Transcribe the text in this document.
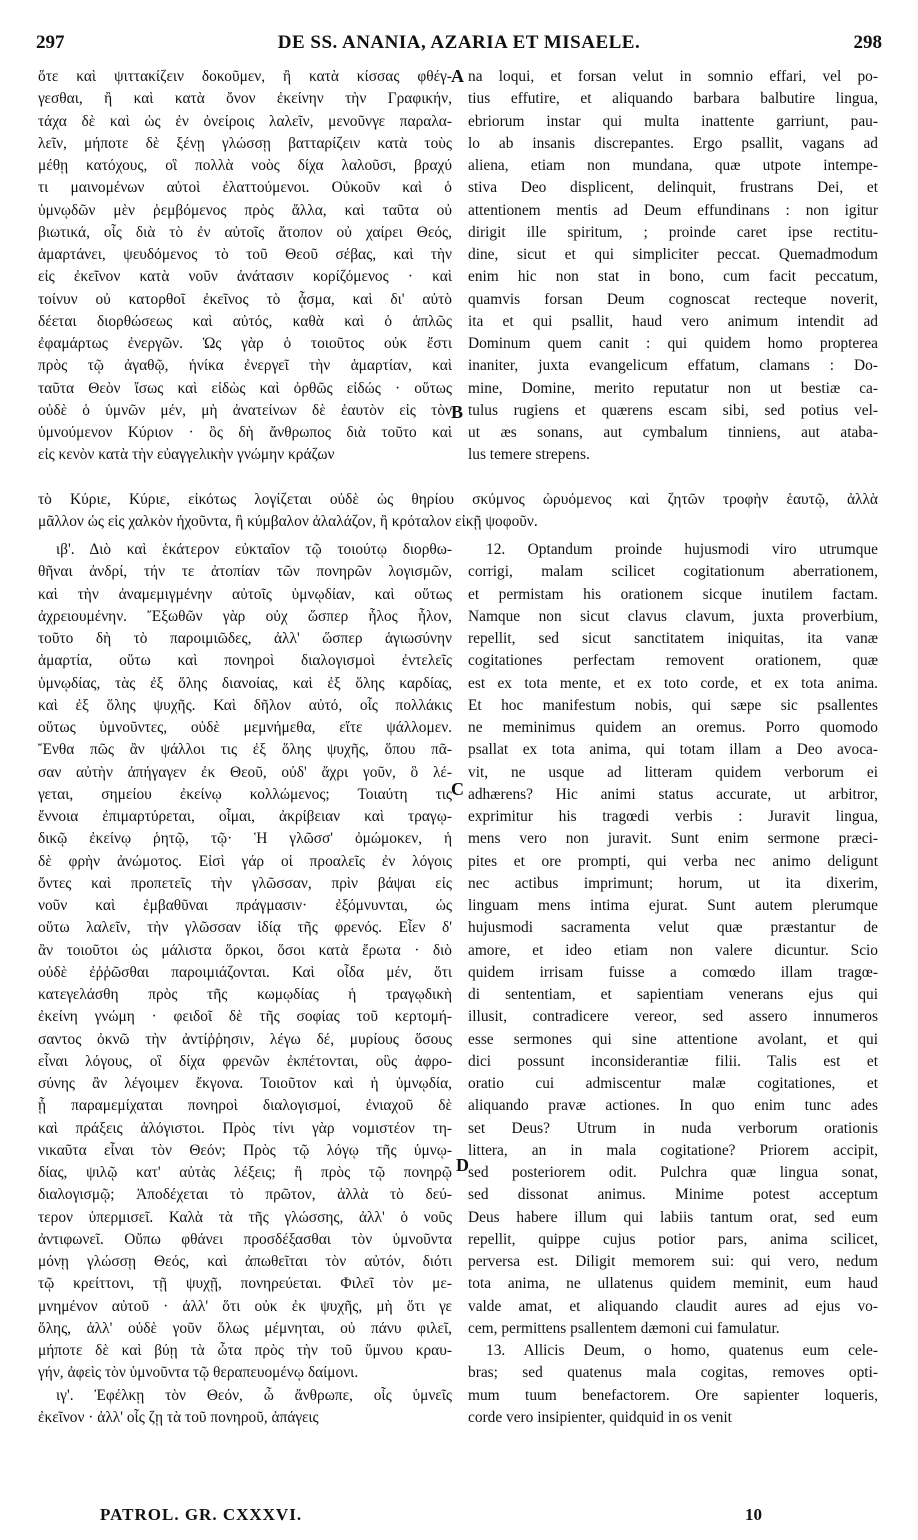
297	DE SS. ANANIA, AZARIA ET MISAELE.	298
ὅτε καὶ ψιττακίζειν δοκοῦμεν, ἢ κατὰ κίσσας φθέγ-
γεσθαι, ἢ καὶ κατὰ ὄνον ἐκείνην τὴν Γραφικήν,
τάχα δὲ καὶ ὡς ἐν ὀνείροις λαλεῖν, μενοῦνγε παραλα-
λεῖν, μήποτε δὲ ξένῃ γλώσσῃ βατταρίζειν κατὰ τοὺς
μέθῃ κατόχους, οἳ πολλὰ νοὸς δίχα λαλοῦσι, βραχύ
τι μαινομένων αὐτοὶ ἐλαττούμενοι. Οὐκοῦν καὶ ὁ
ὑμνῳδῶν μὲν ῥεμβόμενος πρὸς ἄλλα, καὶ ταῦτα οὐ
βιωτικά, οἷς διὰ τὸ ἐν αὐτοῖς ἄτοπον οὐ χαίρει Θεός,
ἁμαρτάνει, ψευδόμενος τὸ τοῦ Θεοῦ σέβας, καὶ τὴν
εἰς ἐκεῖνον κατὰ νοῦν ἀνάτασιν κορίζόμενος · καὶ
τοίνυν οὐ κατορθοῖ ἐκεῖνος τὸ ᾆσμα, καὶ δι' αὐτὸ
δέεται διορθώσεως καὶ αὐτός, καθὰ καὶ ὁ ἁπλῶς
ἐφαμάρτως ἐνεργῶν. Ὡς γὰρ ὁ τοιοῦτος οὐκ ἔστι
πρὸς τῷ ἀγαθῷ, ἡνίκα ἐνεργεῖ τὴν ἁμαρτίαν, καὶ
ταῦτα Θεὸν ἴσως καὶ εἰδὼς καὶ ὀρθῶς εἰδώς · οὕτως
οὐδὲ ὁ ὑμνῶν μέν, μὴ ἀνατείνων δὲ ἑαυτὸν εἰς τὸν
ὑμνούμενον Κύριον · ὃς δὴ ἄνθρωπος διὰ τοῦτο καὶ
εἰς κενὸν κατὰ τὴν εὐαγγελικὴν γνώμην κράζων
na loqui, et forsan velut in somnio effari, vel po-
tius effutire, et aliquando barbara balbutire lingua,
ebriorum instar qui multa inattente garriunt, pau-
lo ab insanis discrepantes. Ergo psallit, vagans ad
aliena, etiam non mundana, quæ utpote intempe-
stiva Deo displicent, delinquit, frustrans Dei, et
attentionem mentis ad Deum effundinans : non igitur
dirigit ille spiritum, ; proinde caret ipse rectitu-
dine, sicut et qui simpliciter peccat. Quemadmodum
enim hic non stat in bono, cum facit peccatum,
quamvis forsan Deum cognoscat recteque noverit,
ita et qui psallit, haud vero animum intendit ad
Dominum quem canit : qui quidem homo propterea
inaniter, juxta evangelicum effatum, clamans : Do-
mine, Domine, merito reputatur non ut bestiæ ca-
tulus rugiens et quærens escam sibi, sed potius vel-
ut æs sonans, aut cymbalum tinniens, aut ataba-
lus temere strepens.
τὸ Κύριε, Κύριε, εἰκότως λογίζεται οὐδὲ ὡς θηρίου σκύμνος ὠρυόμενος καὶ ζητῶν τροφὴν ἑαυτῷ, ἀλλὰ
μᾶλλον ὡς εἰς χαλκὸν ἠχοῦντα, ἢ κύμβαλον ἀλαλάζον, ἢ κρόταλον εἰκῇ ψοφοῦν.
ιβ'. Διὸ καὶ ἑκάτερον εὐκταῖον τῷ τοιούτῳ διορθω-
θῆναι ἀνδρί, τήν τε ἀτοπίαν τῶν πονηρῶν λογισμῶν,
καὶ τὴν ἀναμεμιγμένην αὐτοῖς ὑμνῳδίαν, καὶ οὕτως
ἀχρειουμένην. Ἔξωθῶν γὰρ οὐχ ὥσπερ ἧλος ἧλον,
τοῦτο δὴ τὸ παροιμιῶδες, ἀλλ' ὥσπερ ἁγιωσύνην
ἁμαρτία, οὕτω καὶ πονηροὶ διαλογισμοὶ ἐντελεῖς
ὑμνῳδίας, τὰς ἐξ ὅλης διανοίας, καὶ ἐξ ὅλης καρδίας,
καὶ ἐξ ὅλης ψυχῆς. Καὶ δῆλον αὐτό, οἷς πολλάκις
οὕτως ὑμνοῦντες, οὐδὲ μεμνήμεθα, εἴτε ψάλλομεν.
Ἔνθα πῶς ἂν ψάλλοι τις ἐξ ὅλης ψυχῆς, ὅπου πᾶ-
σαν αὐτὴν ἀπήγαγεν ἐκ Θεοῦ, οὐδ' ἄχρι γοῦν, ὃ λέ-
γεται, σημείου ἐκείνῳ κολλώμενος; Τοιαύτη τις
ἔννοια ἐπιμαρτύρεται, οἶμαι, ἀκρίβειαν καὶ τραγῳ-
δικῷ ἐκείνῳ ῥητῷ, τῷ· Ἡ γλῶσσ' ὀμώμοκεν, ἡ
δὲ φρὴν ἀνώμοτος. Εἰσὶ γάρ οἱ προαλεῖς ἐν λόγοις
ὄντες καὶ προπετεῖς τὴν γλῶσσαν, πρὶν βάψαι εἰς
νοῦν καὶ ἐμβαθῦναι πράγμασιν· ἐξόμνυνται, ὡς
οὕτω λαλεῖν, τὴν γλῶσσαν ἰδίᾳ τῆς φρενός. Εἶεν δ'
ἂν τοιοῦτοι ὡς μάλιστα ὅρκοι, ὅσοι κατὰ ἔρωτα · διὸ
οὐδὲ ἐῤῥῶσθαι παροιμιάζονται. Καὶ οἶδα μέν, ὅτι
κατεγελάσθη πρὸς τῆς κωμῳδίας ἡ τραγῳδικὴ
ἐκείνη γνώμη · φειδοῖ δὲ τῆς σοφίας τοῦ κερτομή-
σαντος ὀκνῶ τὴν ἀντίῤῥησιν, λέγω δέ, μυρίους ὅσους
εἶναι λόγους, οἳ δίχα φρενῶν ἐκπέτονται, οὓς ἀφρο-
σύνης ἂν λέγοιμεν ἔκγονα. Τοιοῦτον καὶ ἡ ὑμνῳδία,
ᾗ παραμεμίχαται πονηροὶ διαλογισμοί, ἐνιαχοῦ δὲ
καὶ πράξεις ἀλόγιστοι. Πρὸς τίνι γὰρ νομιστέον τη-
νικαῦτα εἶναι τὸν Θεόν; Πρὸς τῷ λόγῳ τῆς ὑμνῳ-
δίας, ψιλῷ κατ' αὐτὰς λέξεις; ἢ πρὸς τῷ πονηρῷ
διαλογισμῷ; Ἀποδέχεται τὸ πρῶτον, ἀλλὰ τὸ δεύ-
τερον ὑπερμισεῖ. Καλὰ τὰ τῆς γλώσσης, ἀλλ' ὁ νοῦς
ἀντιφωνεῖ. Οὔπω φθάνει προσδέξασθαι τὸν ὑμνοῦντα
μόνῃ γλώσσῃ Θεός, καὶ ἀπωθεῖται τὸν αὐτόν, διότι
τῷ κρείττονι, τῇ ψυχῇ, πονηρεύεται. Φιλεῖ τὸν με-
μνημένον αὐτοῦ · ἀλλ' ὅτι οὐκ ἐκ ψυχῆς, μὴ ὅτι γε
ὅλης, ἀλλ' οὐδὲ γοῦν ὅλως μέμνηται, οὐ πάνυ φιλεῖ,
μήποτε δὲ καὶ βύῃ τὰ ὦτα πρὸς τὴν τοῦ ὕμνου κραυ-
γήν, ἀφεὶς τὸν ὑμνοῦντα τῷ θεραπευομένῳ δαίμονι.
ιγ'. Ἐφέλκῃ τὸν Θεόν, ὦ ἄνθρωπε, οἷς ὑμνεῖς
ἐκεῖνον · ἀλλ' οἷς ζῃ τὰ τοῦ πονηροῦ, ἀπάγεις
12. Optandum proinde hujusmodi viro utrumque
corrigi, malam scilicet cogitationum aberrationem,
et permistam his orationem sicque inutilem factam.
Namque non sicut clavus clavum, juxta proverbium,
repellit, sed sicut sanctitatem iniquitas, ita vanæ
cogitationes perfectam removent orationem, quæ
est ex tota mente, et ex toto corde, et ex tota anima.
Et hoc manifestum nobis, qui sæpe sic psallentes
ne meminimus quidem an oremus. Porro quomodo
psallat ex tota anima, qui totam illam a Deo avoca-
vit, ne usque ad litteram quidem verborum ei
adhærens? Hic animi status accurate, ut arbitror,
exprimitur his tragœdi verbis : Juravit lingua,
mens vero non juravit. Sunt enim sermone præci-
pites et ore prompti, qui verba nec animo deligunt
nec actibus imprimunt; horum, ut ita dixerim,
linguam mens intima ejurat. Sunt autem plerumque
hujusmodi sacramenta velut quæ præstantur de
amore, et ideo etiam non valere dicuntur. Scio
quidem irrisam fuisse a comœdo illam tragœ-
di sententiam, et sapientiam venerans ejus qui
illusit, contradicere vereor, sed assero innumeros
esse sermones qui sine attentione avolant, et qui
dici possunt inconsiderantiæ filii. Talis est et
oratio cui admiscentur malæ cogitationes, et
aliquando pravæ actiones. In quo enim tunc ades
set Deus? Utrum in nuda verborum orationis
littera, an in mala cogitatione? Priorem accipit,
sed posteriorem odit. Pulchra quæ lingua sonat,
sed dissonat animus. Minime potest acceptum
Deus habere illum qui labiis tantum orat, sed eum
repellit, quippe cujus potior pars, anima scilicet,
perversa est. Diligit memorem sui: qui vero, nedum
tota anima, ne ullatenus quidem meminit, eum haud
valde amat, et aliquando claudit aures ad ejus vo-
cem, permittens psallentem dæmoni cui famulatur.
13. Allicis Deum, o homo, quatenus eum cele-
bras; sed quatenus mala cogitas, removes opti-
mum tuum benefactorem. Ore sapienter loqueris,
corde vero insipienter, quidquid in os venit
A
B
C
D
PATROL. GR. CXXXVI.	10
